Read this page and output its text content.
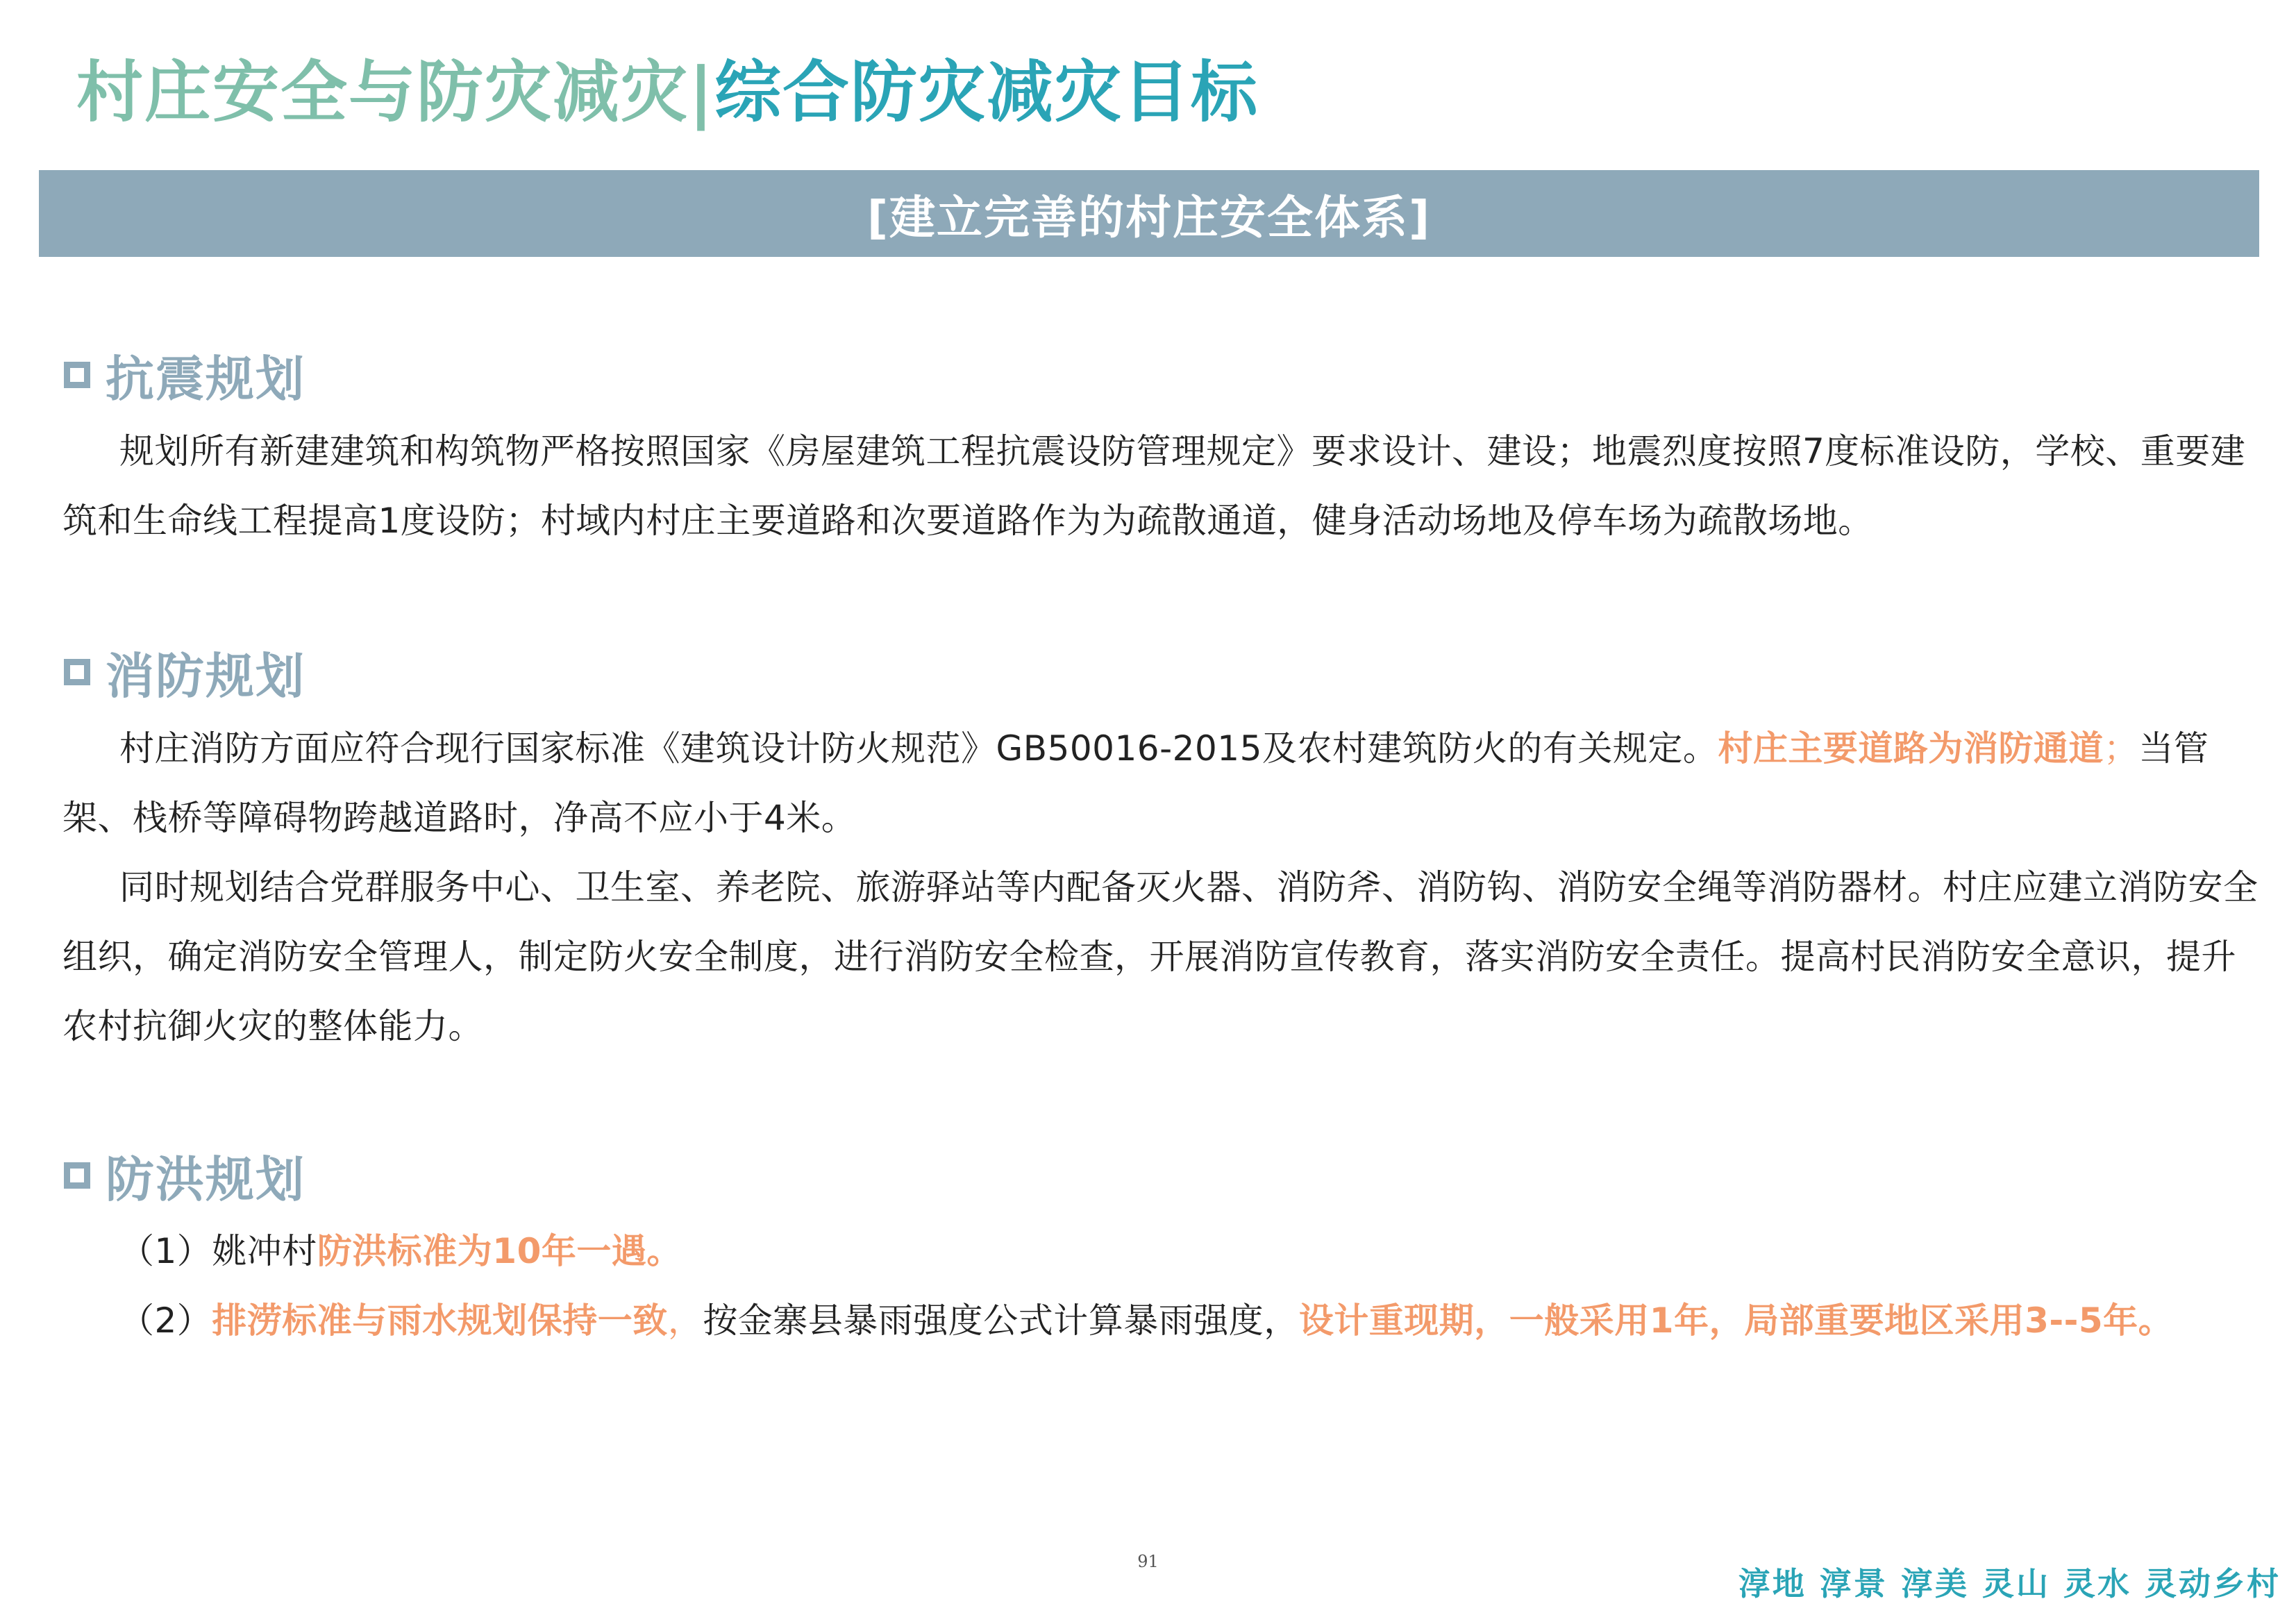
村庄安全与防灾减灾|综合防灾减灾目标
[建立完善的村庄安全体系]
抗震规划

规划所有新建建筑和构筑物严格按照国家《房屋建筑工程抗震设防管理规定》要求设计、建设；地震烈度按照7度标准设防，学校、重要建筑和生命线工程提高1度设防；村域内村庄主要道路和次要道路作为为疏散通道，健身活动场地及停车场为疏散场地。

消防规划

村庄消防方面应符合现行国家标准《建筑设计防火规范》GB50016-2015及农村建筑防火的有关规定。村庄主要道路为消防通道；当管架、栈桥等障碍物跨越道路时，净高不应小于4米。

同时规划结合党群服务中心、卫生室、养老院、旅游驿站等内配备灭火器、消防斧、消防钩、消防安全绳等消防器材。村庄应建立消防安全组织，确定消防安全管理人，制定防火安全制度，进行消防安全检查，开展消防宣传教育，落实消防安全责任。提高村民消防安全意识，提升农村抗御火灾的整体能力。

防洪规划

（1）姚冲村防洪标准为10年一遇。

（2）排涝标准与雨水规划保持一致，按金寨县暴雨强度公式计算暴雨强度，设计重现期，一般采用1年，局部重要地区采用3--5年。

91
淳地 淳景 淳美 灵山 灵水 灵动乡村
